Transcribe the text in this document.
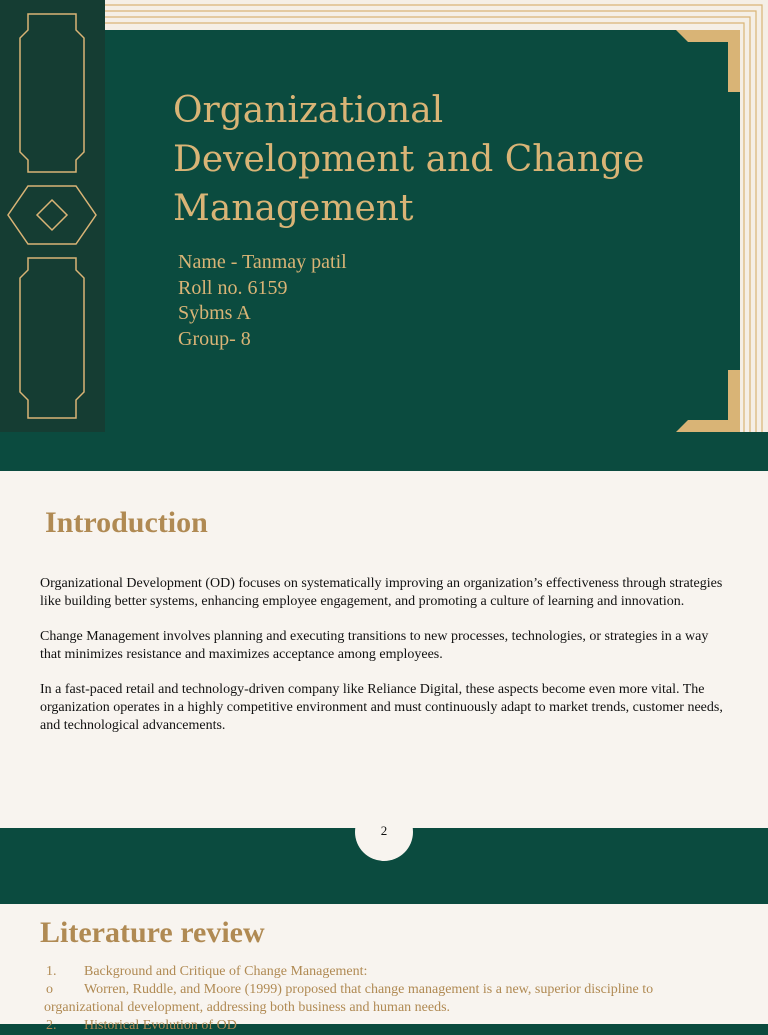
Organizational Development and Change Management
Name - Tanmay patil
Roll no. 6159
Sybms A
Group- 8
Introduction

Organizational Development (OD) focuses on systematically improving an organization’s effectiveness through strategies like building better systems, enhancing employee engagement, and promoting a culture of learning and innovation.

Change Management involves planning and executing transitions to new processes, technologies, or strategies in a way that minimizes resistance and maximizes acceptance among employees.

In a fast-paced retail and technology-driven company like Reliance Digital, these aspects become even more vital. The organization operates in a highly competitive environment and must continuously adapt to market trends, customer needs, and technological advancements.

2
Literature review
1. Background and Critique of Change Management:
o Worren, Ruddle, and Moore (1999) proposed that change management is a new, superior discipline to
organizational development, addressing both business and human needs.
2. Historical Evolution of OD
